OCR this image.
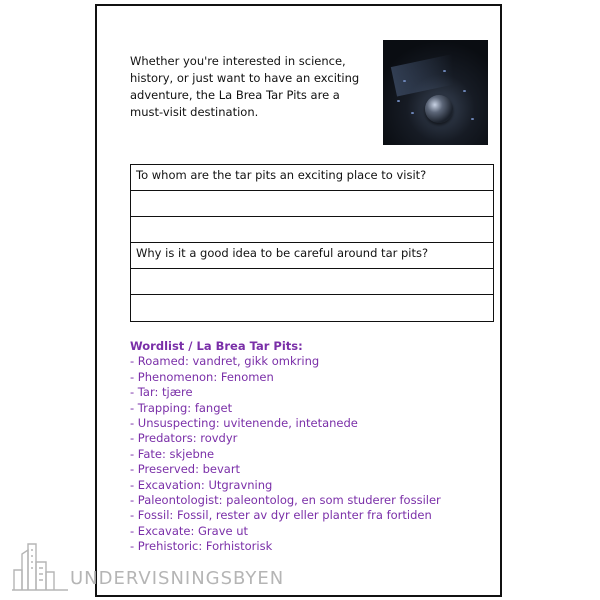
Whether you're interested in science, history, or just want to have an exciting adventure, the La Brea Tar Pits are a must-visit destination.

To whom are the tar pits an exciting place to visit?
Why is it a good idea to be careful around tar pits?
Wordlist / La Brea Tar Pits:
- Roamed: vandret, gikk omkring
- Phenomenon: Fenomen
- Tar: tjære
- Trapping: fanget
- Unsuspecting: uvitenende, intetanede
- Predators: rovdyr
- Fate: skjebne
- Preserved: bevart
- Excavation: Utgravning
- Paleontologist: paleontolog, en som studerer fossiler
- Fossil: Fossil, rester av dyr eller planter fra fortiden
- Excavate: Grave ut
- Prehistoric: Forhistorisk
UNDERVISNINGSBYEN
